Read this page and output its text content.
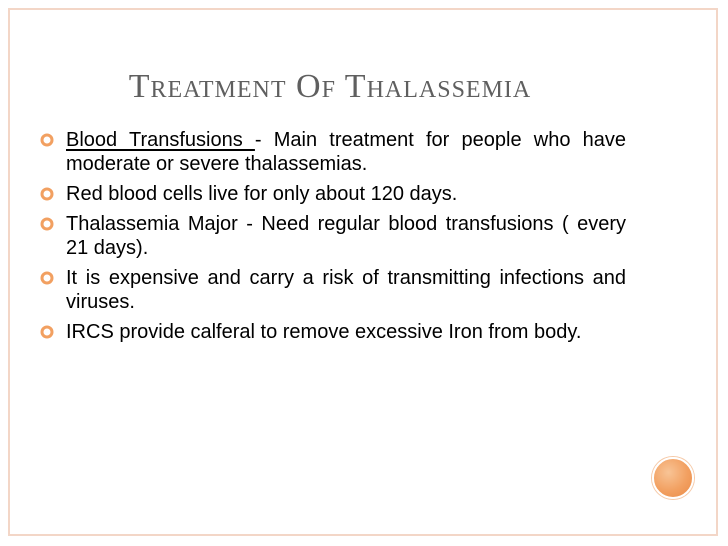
Treatment Of Thalassemia
Blood Transfusions - Main treatment for people who have moderate or severe thalassemias.
Red blood cells live for only about 120 days.
Thalassemia Major - Need regular blood transfusions ( every 21 days).
It is expensive and carry a risk of transmitting infections and viruses.
IRCS provide calferal to remove excessive Iron from body.
